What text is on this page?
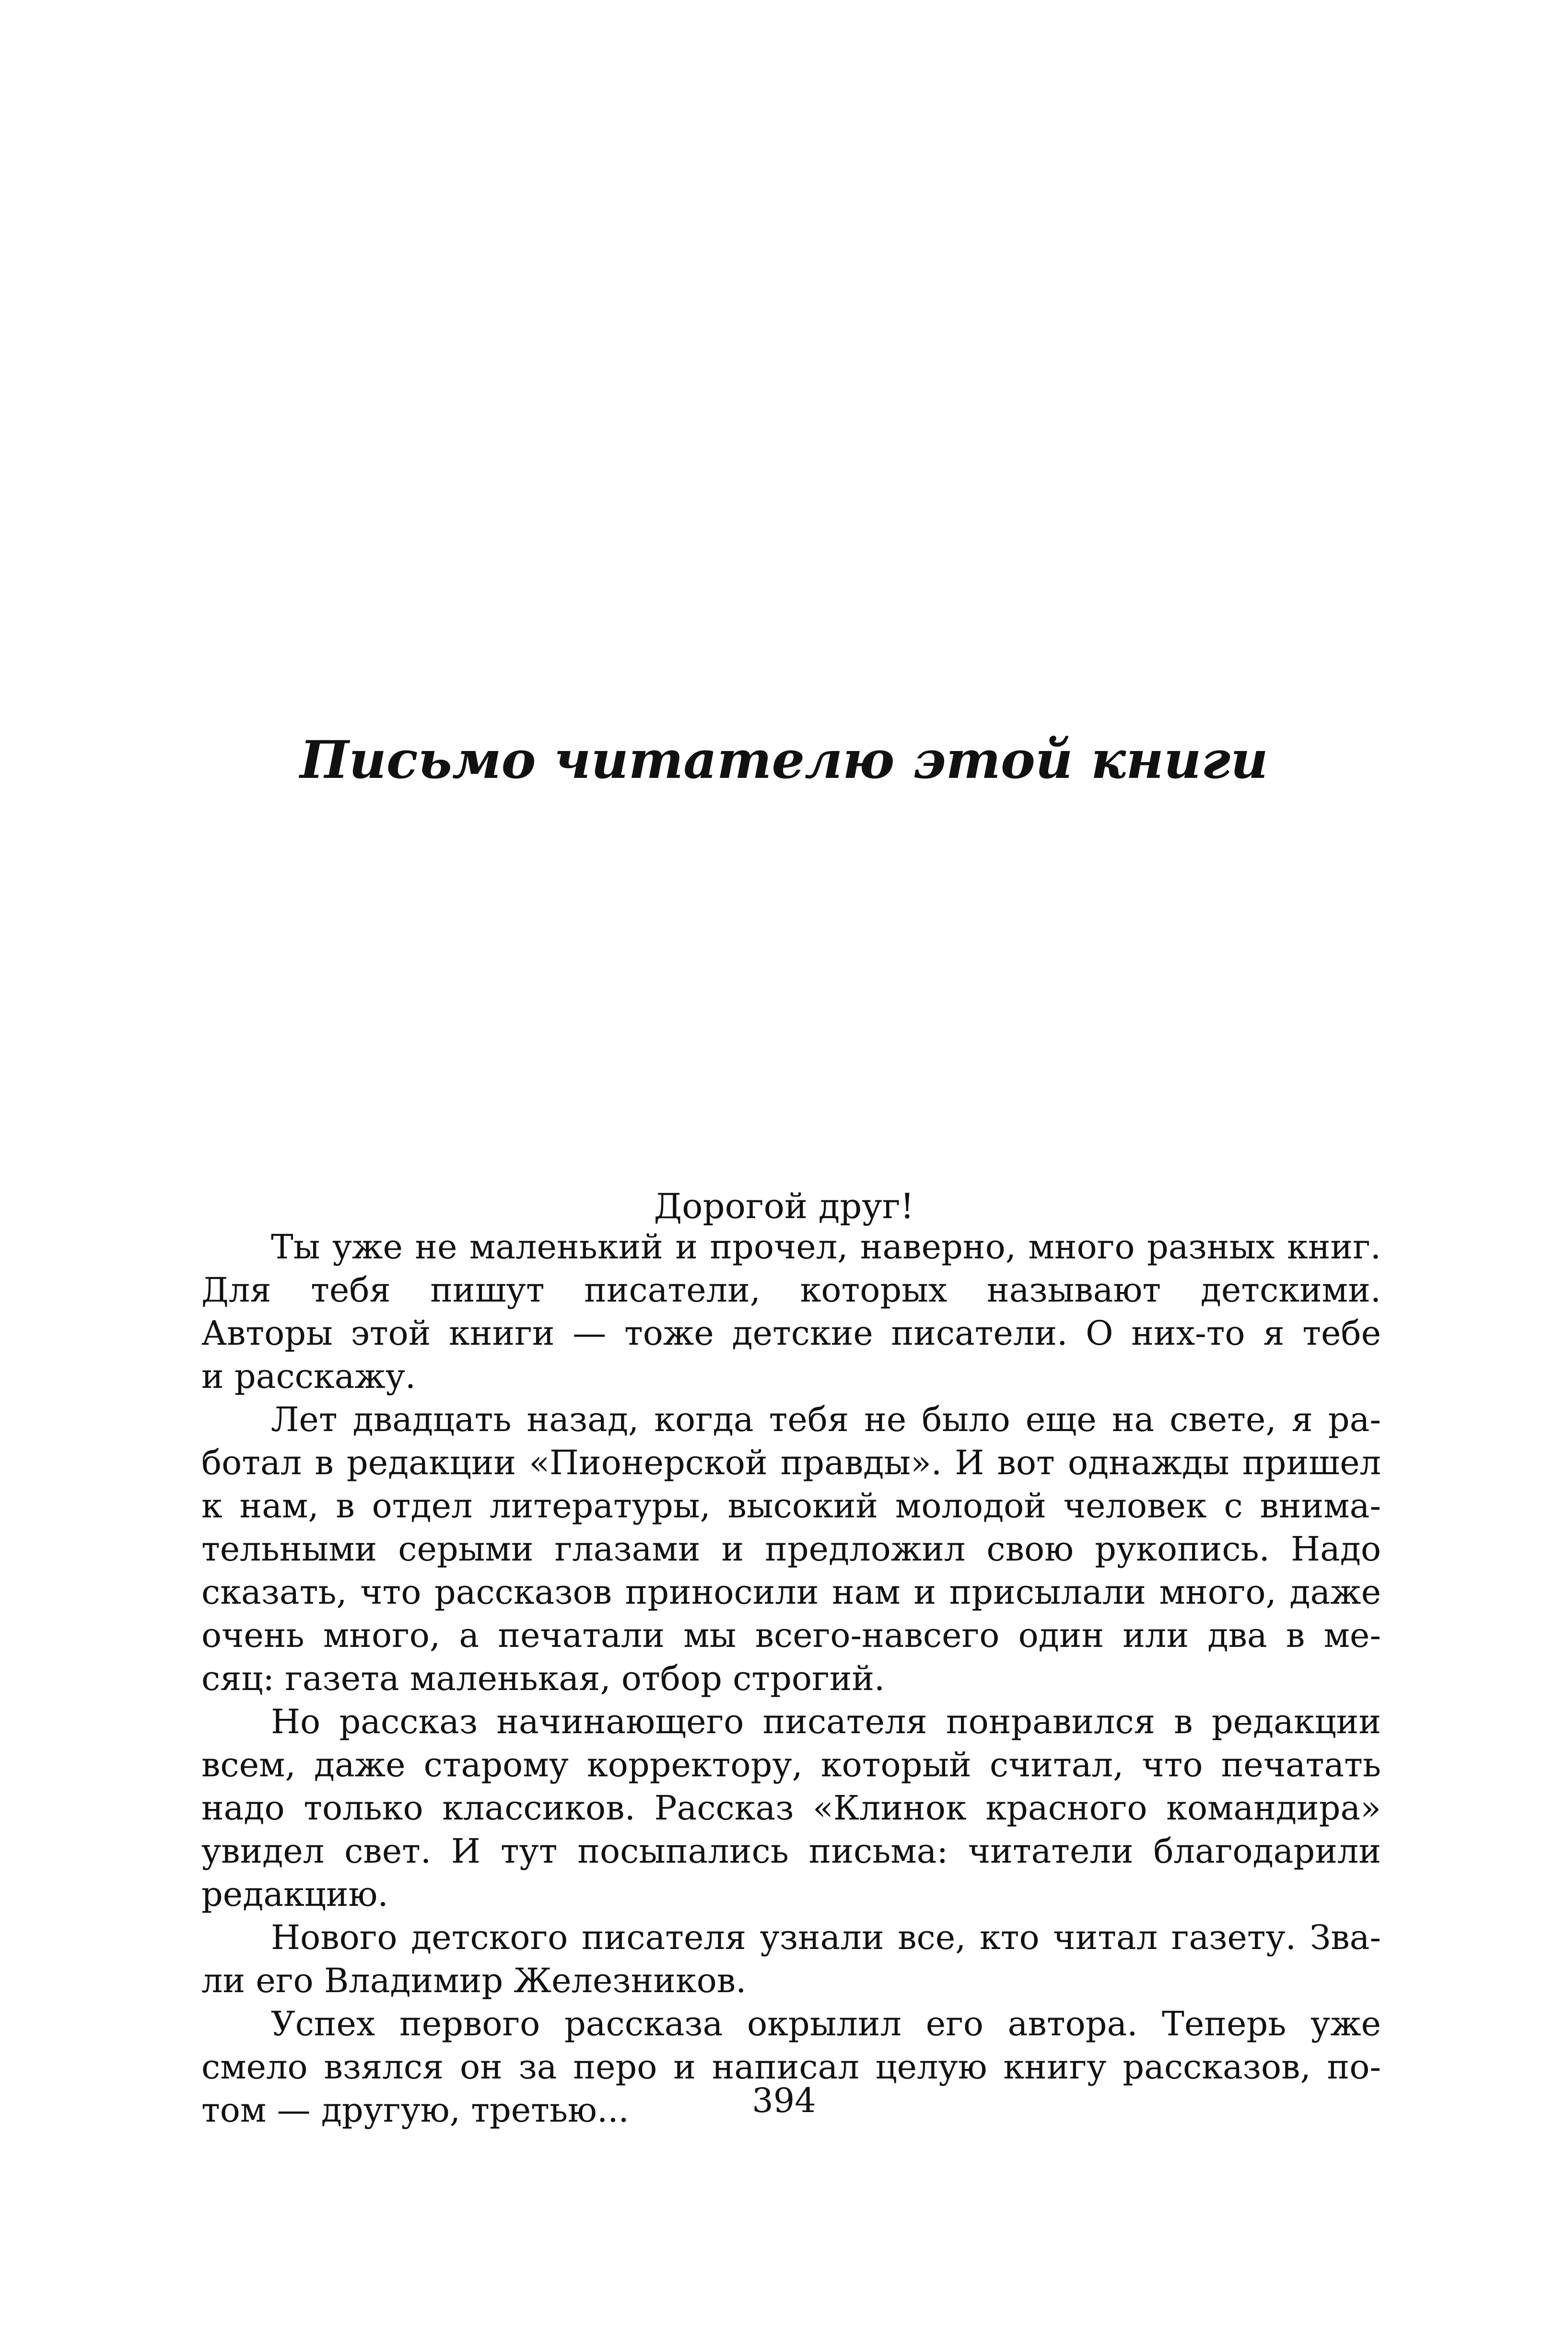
Письмо читателю этой книги
Дорогой друг!
Ты уже не маленький и прочел, наверно, много разных книг.
Для тебя пишут писатели, которых называют детскими.
Авторы этой книги — тоже детские писатели. О них-то я тебе
и расскажу.
Лет двадцать назад, когда тебя не было еще на свете, я ра-
ботал в редакции «Пионерской правды». И вот однажды пришел
к нам, в отдел литературы, высокий молодой человек с внима-
тельными серыми глазами и предложил свою рукопись. Надо
сказать, что рассказов приносили нам и присылали много, даже
очень много, а печатали мы всего-навсего один или два в ме-
сяц: газета маленькая, отбор строгий.
Но рассказ начинающего писателя понравился в редакции
всем, даже старому корректору, который считал, что печатать
надо только классиков. Рассказ «Клинок красного командира»
увидел свет. И тут посыпались письма: читатели благодарили
редакцию.
Нового детского писателя узнали все, кто читал газету. Зва-
ли его Владимир Железников.
Успех первого рассказа окрылил его автора. Теперь уже
смело взялся он за перо и написал целую книгу рассказов, по-
том — другую, третью...	394
